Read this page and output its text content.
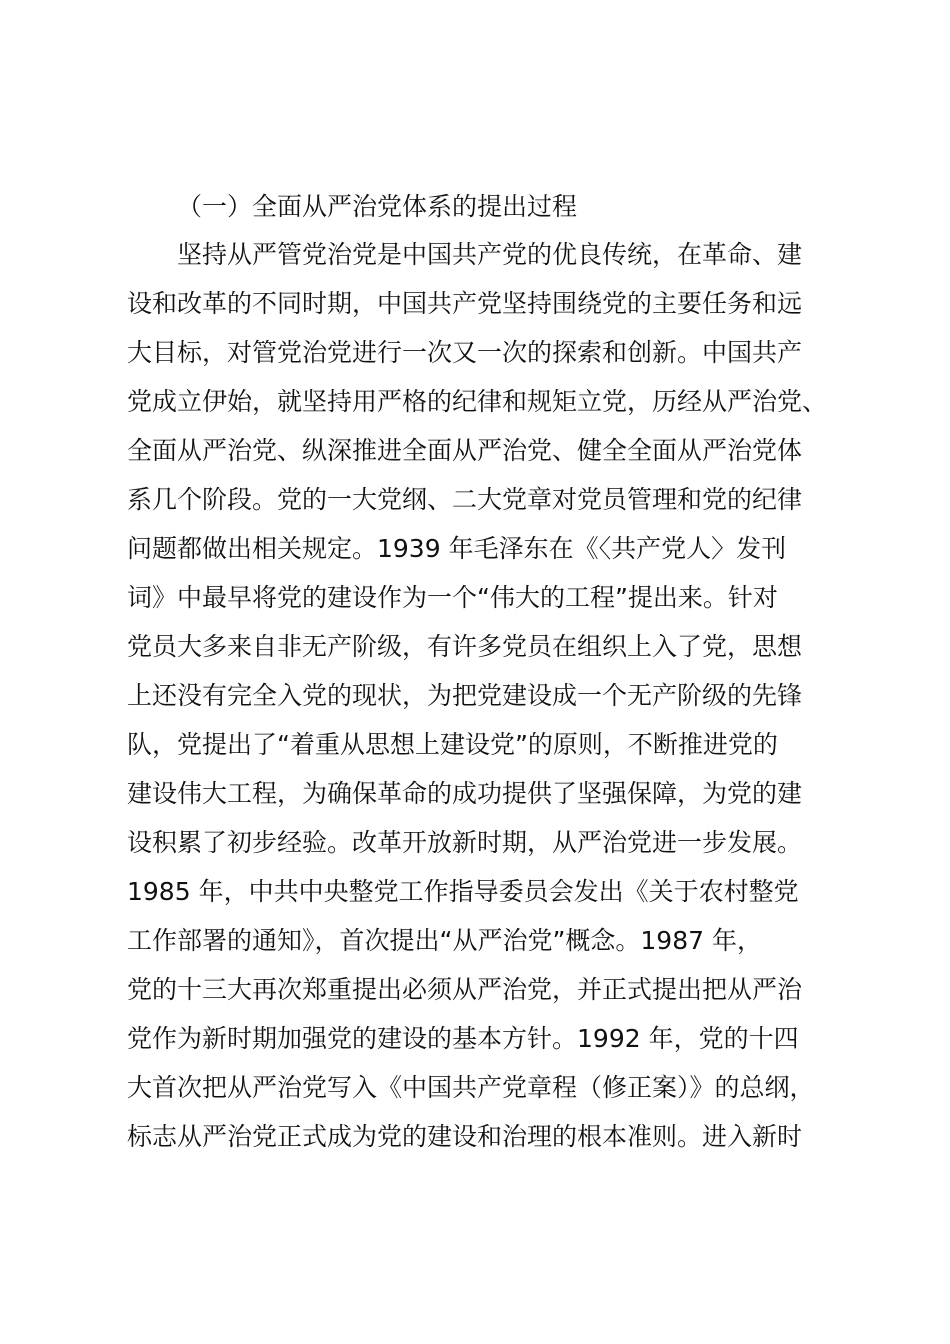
（一）全面从严治党体系的提出过程
坚持从严管党治党是中国共产党的优良传统，在革命、建
设和改革的不同时期，中国共产党坚持围绕党的主要任务和远
大目标，对管党治党进行一次又一次的探索和创新。中国共产
党成立伊始，就坚持用严格的纪律和规矩立党，历经从严治党、
全面从严治党、纵深推进全面从严治党、健全全面从严治党体
系几个阶段。党的一大党纲、二大党章对党员管理和党的纪律
问题都做出相关规定。1939 年毛泽东在《〈共产党人〉发刊
词》中最早将党的建设作为一个“伟大的工程”提出来。针对
党员大多来自非无产阶级，有许多党员在组织上入了党，思想
上还没有完全入党的现状，为把党建设成一个无产阶级的先锋
队，党提出了“着重从思想上建设党”的原则，不断推进党的
建设伟大工程，为确保革命的成功提供了坚强保障，为党的建
设积累了初步经验。改革开放新时期，从严治党进一步发展。
1985 年，中共中央整党工作指导委员会发出《关于农村整党
工作部署的通知》，首次提出“从严治党”概念。1987 年，
党的十三大再次郑重提出必须从严治党，并正式提出把从严治
党作为新时期加强党的建设的基本方针。1992 年，党的十四
大首次把从严治党写入《中国共产党章程（修正案）》的总纲，
标志从严治党正式成为党的建设和治理的根本准则。进入新时
